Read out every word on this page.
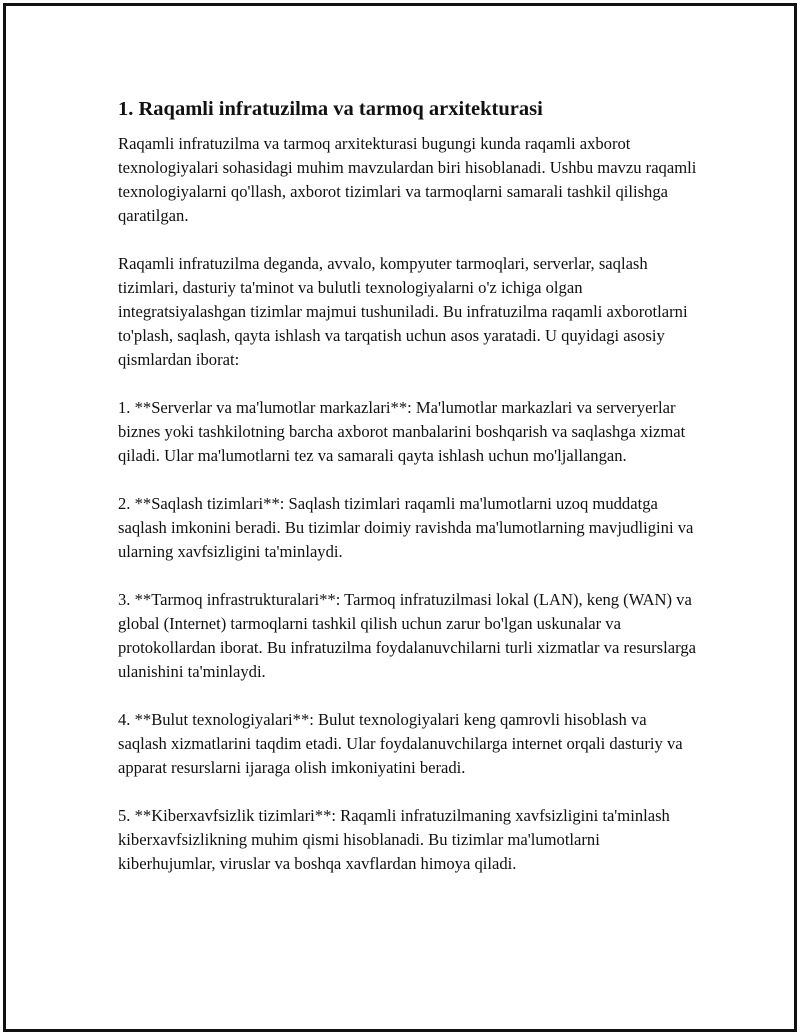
1. Raqamli infratuzilma va tarmoq arxitekturasi

Raqamli infratuzilma va tarmoq arxitekturasi bugungi kunda raqamli axborot texnologiyalari sohasidagi muhim mavzulardan biri hisoblanadi. Ushbu mavzu raqamli texnologiyalarni qo'llash, axborot tizimlari va tarmoqlarni samarali tashkil qilishga qaratilgan.

Raqamli infratuzilma deganda, avvalo, kompyuter tarmoqlari, serverlar, saqlash tizimlari, dasturiy ta'minot va bulutli texnologiyalarni o'z ichiga olgan integratsiyalashgan tizimlar majmui tushuniladi. Bu infratuzilma raqamli axborotlarni to'plash, saqlash, qayta ishlash va tarqatish uchun asos yaratadi. U quyidagi asosiy qismlardan iborat:

1. **Serverlar va ma'lumotlar markazlari**: Ma'lumotlar markazlari va serveryerlar biznes yoki tashkilotning barcha axborot manbalarini boshqarish va saqlashga xizmat qiladi. Ular ma'lumotlarni tez va samarali qayta ishlash uchun mo'ljallangan.

2. **Saqlash tizimlari**: Saqlash tizimlari raqamli ma'lumotlarni uzoq muddatga saqlash imkonini beradi. Bu tizimlar doimiy ravishda ma'lumotlarning mavjudligini va ularning xavfsizligini ta'minlaydi.

3. **Tarmoq infrastrukturalari**: Tarmoq infratuzilmasi lokal (LAN), keng (WAN) va global (Internet) tarmoqlarni tashkil qilish uchun zarur bo'lgan uskunalar va protokollardan iborat. Bu infratuzilma foydalanuvchilarni turli xizmatlar va resurslarga ulanishini ta'minlaydi.

4. **Bulut texnologiyalari**: Bulut texnologiyalari keng qamrovli hisoblash va saqlash xizmatlarini taqdim etadi. Ular foydalanuvchilarga internet orqali dasturiy va apparat resurslarni ijaraga olish imkoniyatini beradi.

5. **Kiberxavfsizlik tizimlari**: Raqamli infratuzilmaning xavfsizligini ta'minlash kiberxavfsizlikning muhim qismi hisoblanadi. Bu tizimlar ma'lumotlarni kiberhujumlar, viruslar va boshqa xavflardan himoya qiladi.
